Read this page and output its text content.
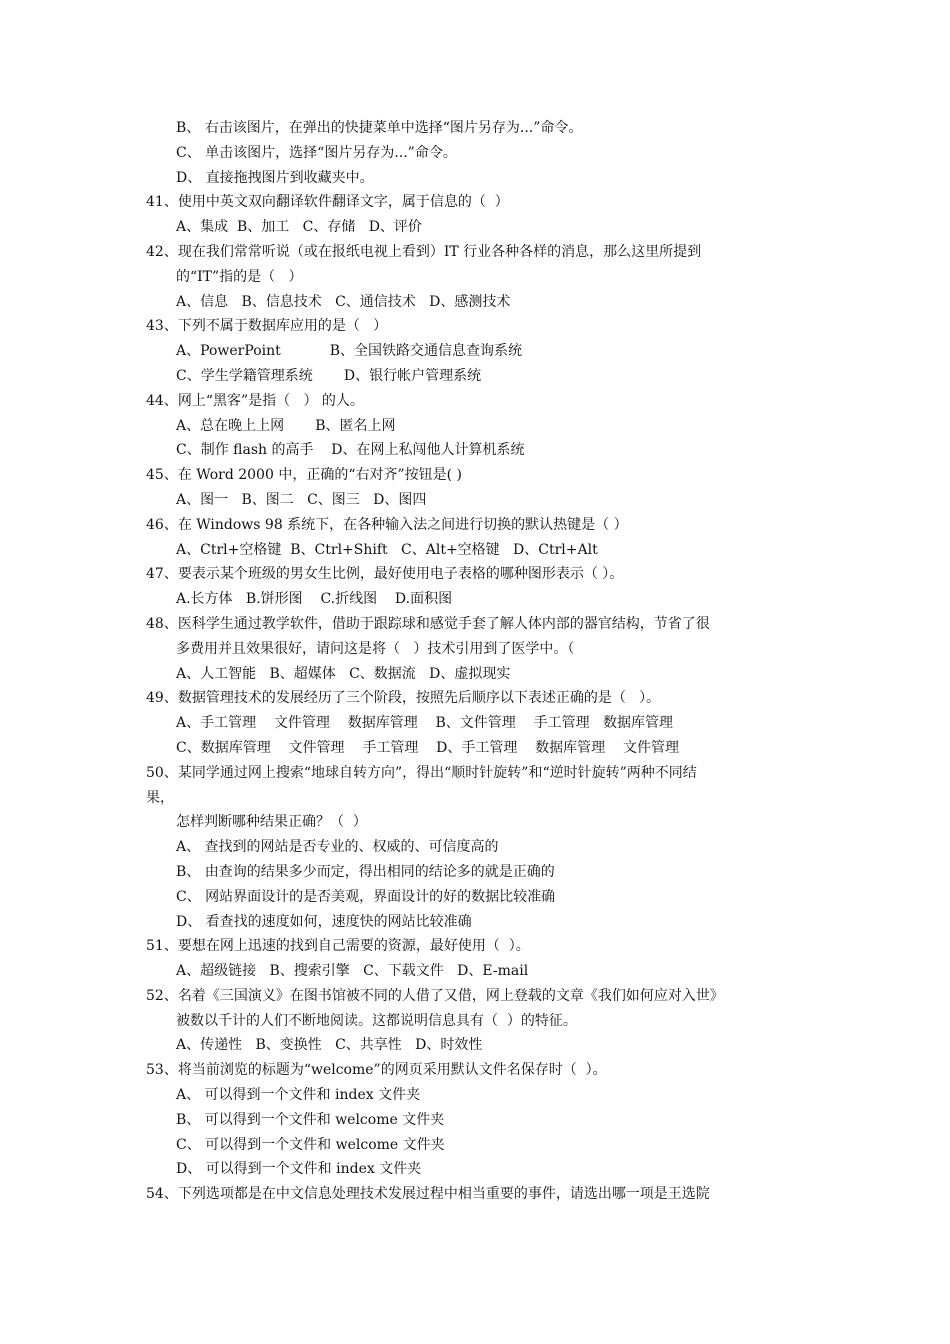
B、 右击该图片，在弹出的快捷菜单中选择“图片另存为...”命令。
C、 单击该图片，选择“图片另存为...”命令。
D、 直接拖拽图片到收藏夹中。
41、使用中英文双向翻译软件翻译文字，属于信息的（  ）
A、集成  B、加工   C、存储   D、评价
42、现在我们常常听说（或在报纸电视上看到）IT 行业各种各样的消息，那么这里所提到
的“IT”指的是（   ）
A、信息   B、信息技术   C、通信技术   D、感测技术
43、下列不属于数据库应用的是（   ）
A、PowerPoint           B、全国铁路交通信息查询系统
C、学生学籍管理系统       D、银行帐户管理系统
44、网上“黑客”是指（   ） 的人。
A、总在晚上上网       B、匿名上网
C、制作 flash 的高手    D、在网上私闯他人计算机系统
45、在 Word 2000 中，正确的“右对齐”按钮是( )
A、图一   B、图二   C、图三   D、图四
46、在 Windows 98 系统下，在各种输入法之间进行切换的默认热键是（ ）
A、Ctrl+空格键  B、Ctrl+Shift   C、Alt+空格键   D、Ctrl+Alt
47、要表示某个班级的男女生比例，最好使用电子表格的哪种图形表示（ ）。
A.长方体   B.饼形图    C.折线图    D.面积图
48、医科学生通过教学软件，借助于跟踪球和感觉手套了解人体内部的器官结构，节省了很
多费用并且效果很好，请问这是将（   ）技术引用到了医学中。（
A、人工智能   B、超媒体   C、数据流   D、虚拟现实
49、数据管理技术的发展经历了三个阶段，按照先后顺序以下表述正确的是（   ）。
A、手工管理    文件管理    数据库管理    B、文件管理    手工管理   数据库管理
C、数据库管理    文件管理    手工管理    D、手工管理    数据库管理    文件管理
50、某同学通过网上搜索“地球自转方向”，得出“顺时针旋转”和“逆时针旋转”两种不同结
果，
怎样判断哪种结果正确？（  ）
A、 查找到的网站是否专业的、权威的、可信度高的
B、 由查询的结果多少而定，得出相同的结论多的就是正确的
C、 网站界面设计的是否美观，界面设计的好的数据比较准确
D、 看查找的速度如何，速度快的网站比较准确
51、要想在网上迅速的找到自己需要的资源，最好使用（  ）。
A、超级链接   B、搜索引擎   C、下载文件   D、E-mail
52、名着《三国演义》在图书馆被不同的人借了又借，网上登载的文章《我们如何应对入世》
被数以千计的人们不断地阅读。这都说明信息具有（  ）的特征。
A、传递性   B、变换性   C、共享性   D、时效性
53、将当前浏览的标题为“welcome”的网页采用默认文件名保存时（  ）。
A、 可以得到一个文件和 index 文件夹
B、 可以得到一个文件和 welcome 文件夹
C、 可以得到一个文件和 welcome 文件夹
D、 可以得到一个文件和 index 文件夹
54、下列选项都是在中文信息处理技术发展过程中相当重要的事件，请选出哪一项是王选院
